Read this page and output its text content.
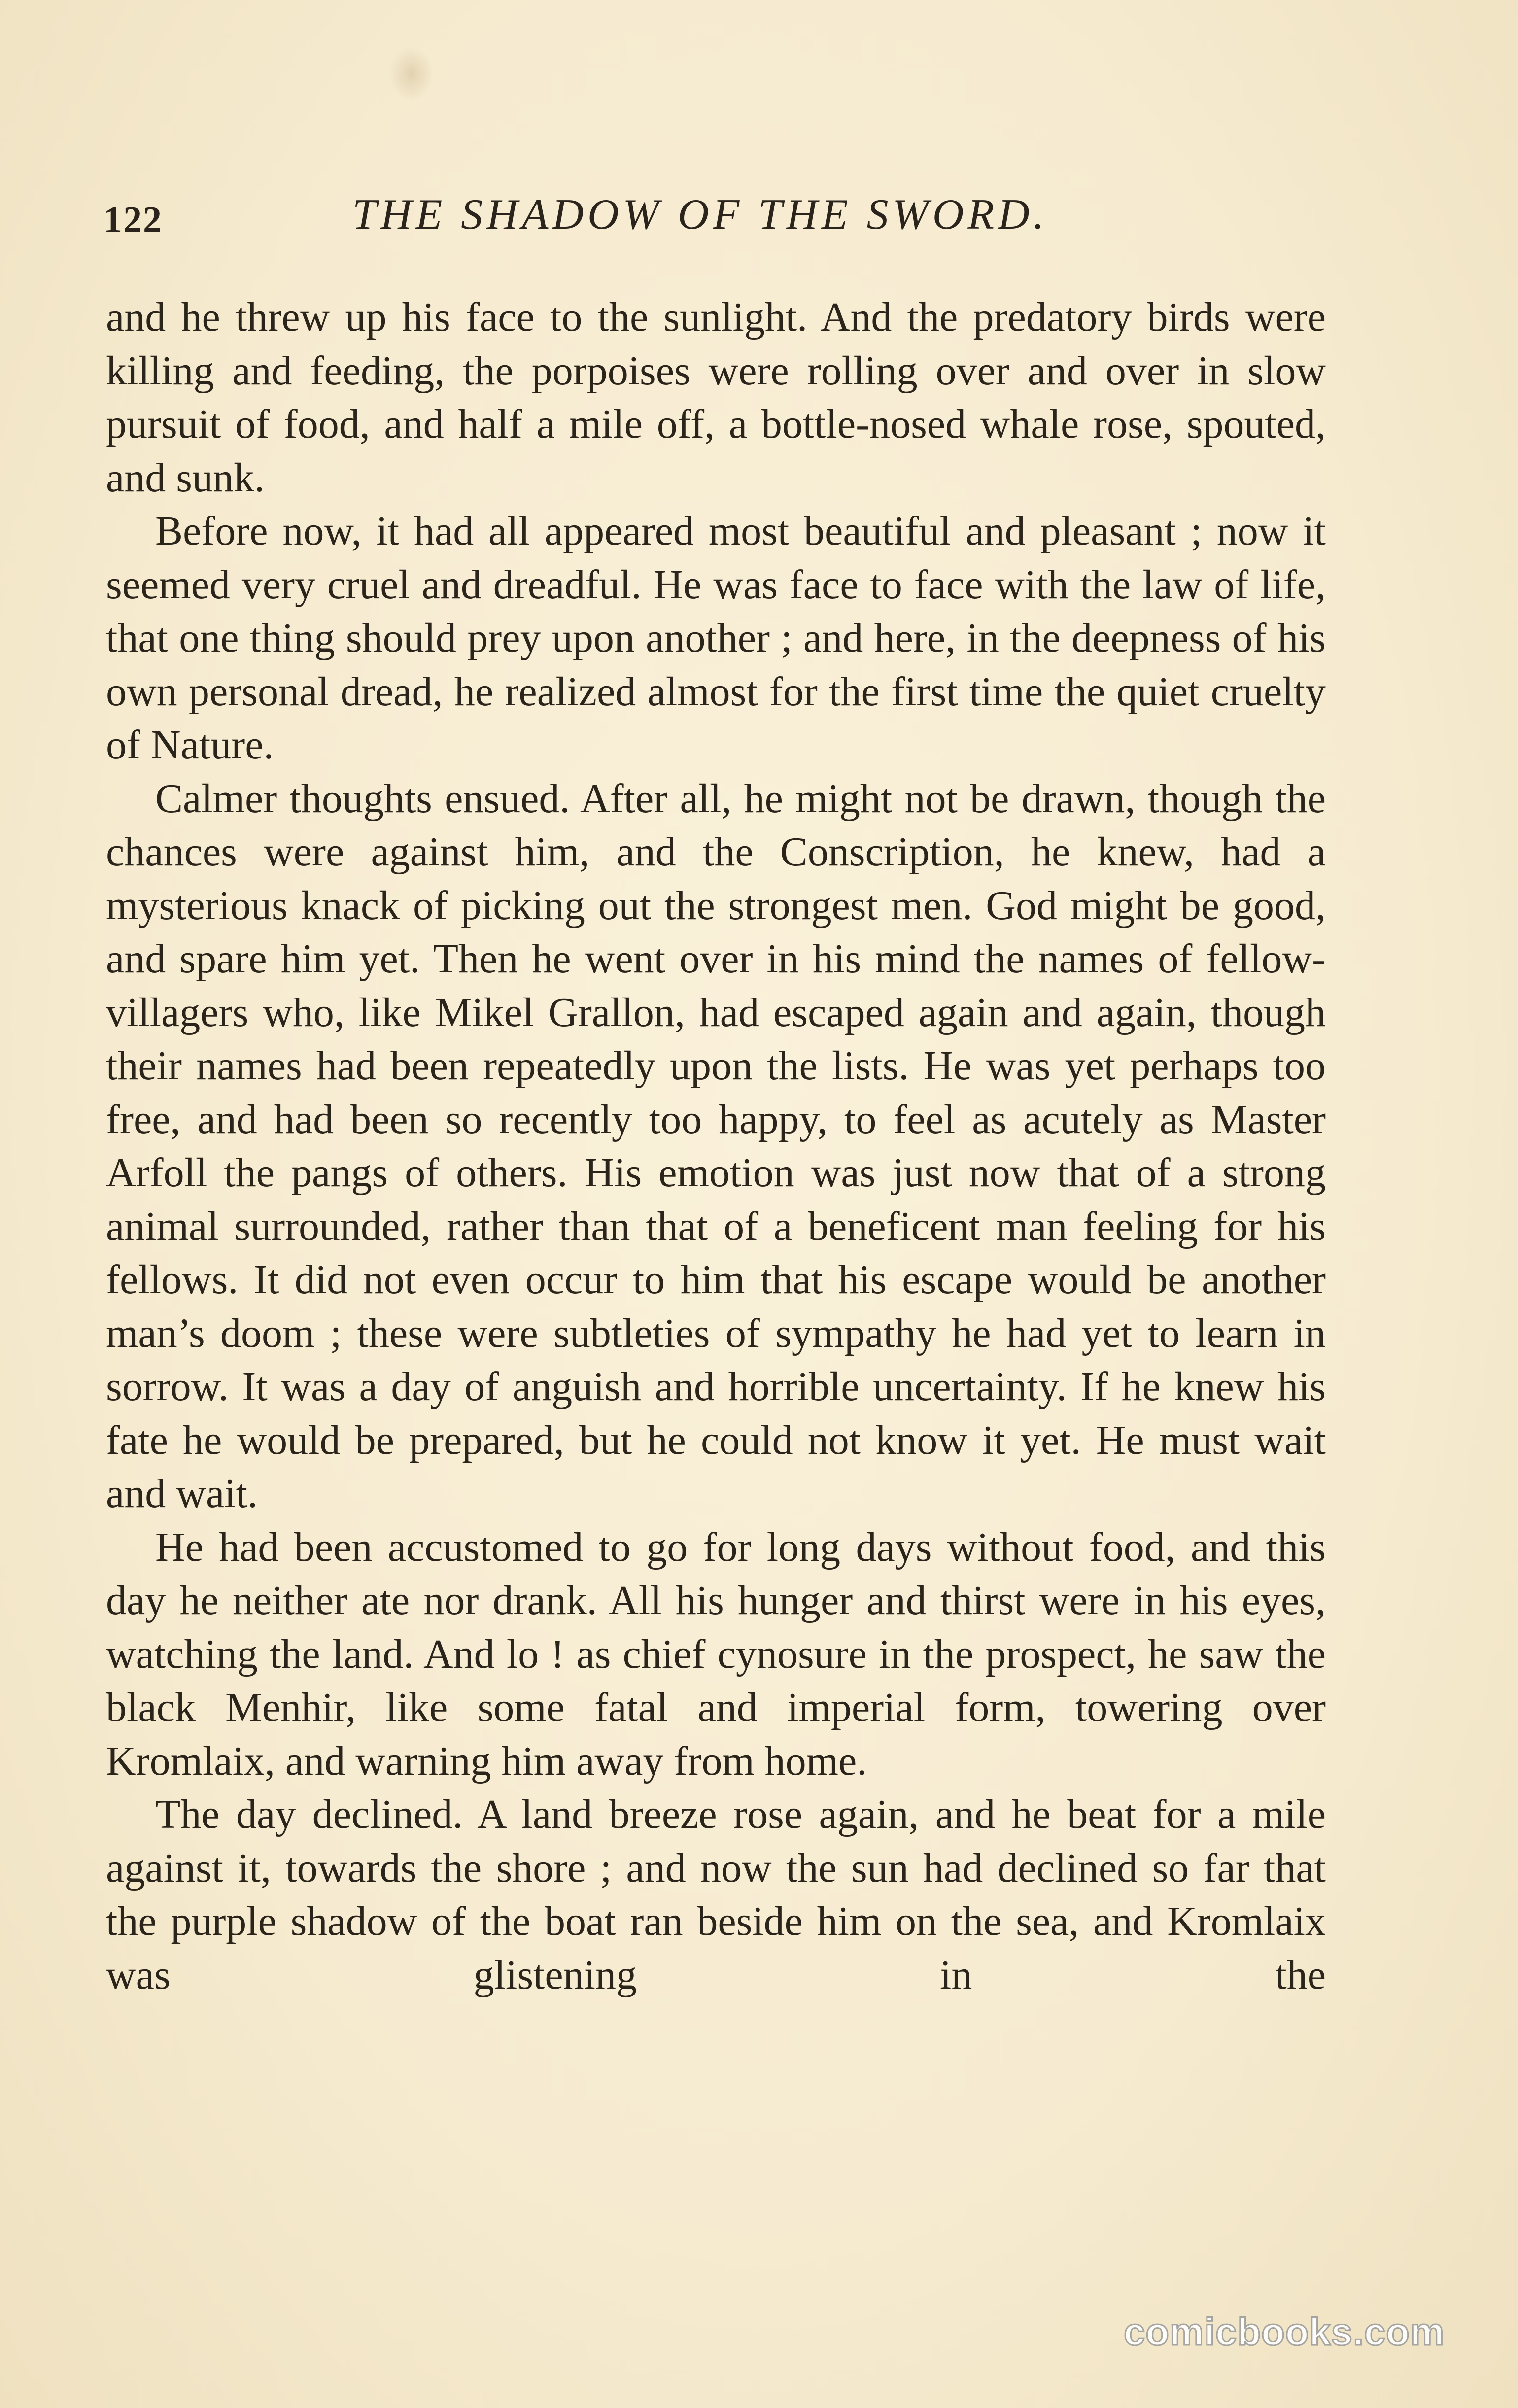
122	THE SHADOW OF THE SWORD.

and he threw up his face to the sunlight. And the predatory birds were killing and feeding, the porpoises were rolling over and over in slow pursuit of food, and half a mile off, a bottle-nosed whale rose, spouted, and sunk.

Before now, it had all appeared most beautiful and pleasant ; now it seemed very cruel and dreadful. He was face to face with the law of life, that one thing should prey upon another ; and here, in the deepness of his own personal dread, he realized almost for the first time the quiet cruelty of Nature.

Calmer thoughts ensued. After all, he might not be drawn, though the chances were against him, and the Conscription, he knew, had a mysterious knack of picking out the strongest men. God might be good, and spare him yet. Then he went over in his mind the names of fellow-villagers who, like Mikel Grallon, had escaped again and again, though their names had been repeatedly upon the lists. He was yet perhaps too free, and had been so recently too happy, to feel as acutely as Master Arfoll the pangs of others. His emotion was just now that of a strong animal surrounded, rather than that of a beneficent man feeling for his fellows. It did not even occur to him that his escape would be another man’s doom ; these were subtleties of sympathy he had yet to learn in sorrow. It was a day of anguish and horrible uncertainty. If he knew his fate he would be prepared, but he could not know it yet. He must wait and wait.

He had been accustomed to go for long days without food, and this day he neither ate nor drank. All his hunger and thirst were in his eyes, watching the land. And lo ! as chief cynosure in the prospect, he saw the black Menhir, like some fatal and imperial form, towering over Kromlaix, and warning him away from home.

The day declined. A land breeze rose again, and he beat for a mile against it, towards the shore ; and now the sun had declined so far that the purple shadow of the boat ran beside him on the sea, and Kromlaix was glistening in the

comicbooks.com
